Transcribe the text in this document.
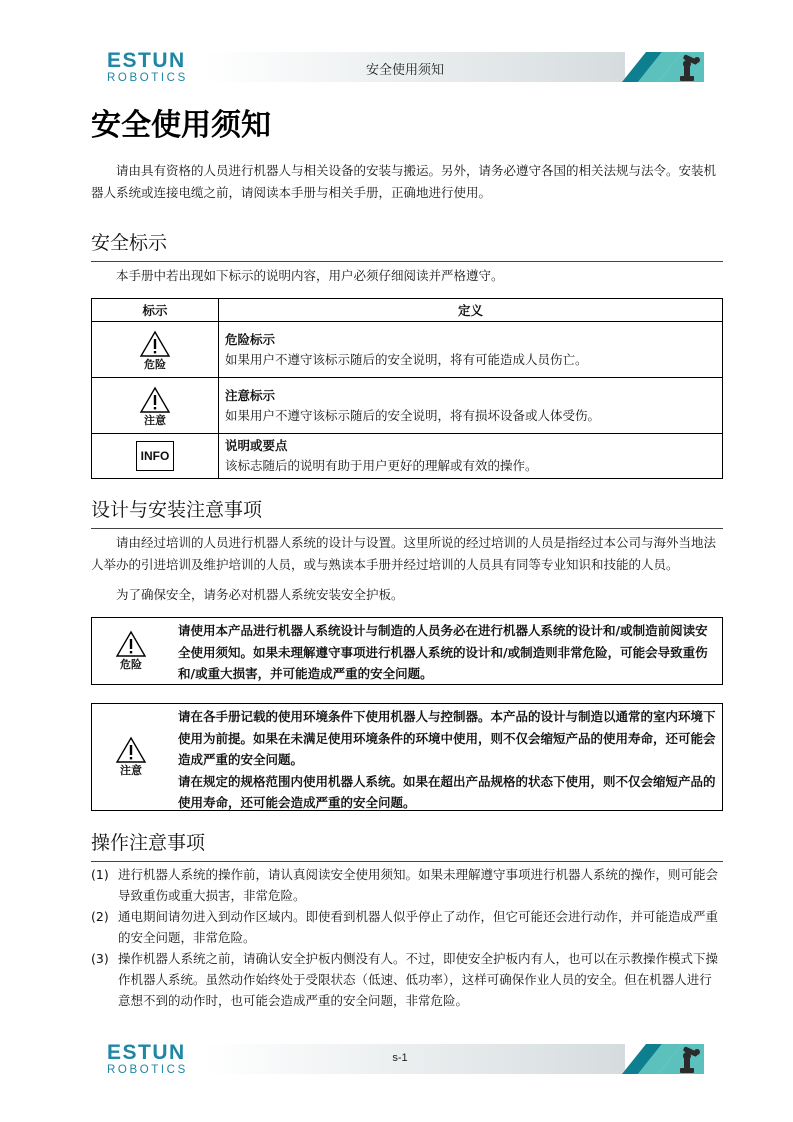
ESTUN
ROBOTICS	安全使用须知
安全使用须知

请由具有资格的人员进行机器人与相关设备的安装与搬运。另外，请务必遵守各国的相关法规与法令。安装机器人系统或连接电缆之前，请阅读本手册与相关手册，正确地进行使用。

安全标示

本手册中若出现如下标示的说明内容，用户必须仔细阅读并严格遵守。

标示	定义

危险	危险标示
如果用户不遵守该标示随后的安全说明，将有可能造成人员伤亡。

注意	注意标示
如果用户不遵守该标示随后的安全说明，将有损坏设备或人体受伤。

INFO	说明或要点
该标志随后的说明有助于用户更好的理解或有效的操作。
设计与安装注意事项

请由经过培训的人员进行机器人系统的设计与设置。这里所说的经过培训的人员是指经过本公司与海外当地法人举办的引进培训及维护培训的人员，或与熟读本手册并经过培训的人员具有同等专业知识和技能的人员。

为了确保安全，请务必对机器人系统安装安全护板。

危险
请使用本产品进行机器人系统设计与制造的人员务必在进行机器人系统的设计和/或制造前阅读安全使用须知。如果未理解遵守事项进行机器人系统的设计和/或制造则非常危险，可能会导致重伤和/或重大损害，并可能造成严重的安全问题。
注意
请在各手册记载的使用环境条件下使用机器人与控制器。本产品的设计与制造以通常的室内环境下使用为前提。如果在未满足使用环境条件的环境中使用，则不仅会缩短产品的使用寿命，还可能会造成严重的安全问题。
请在规定的规格范围内使用机器人系统。如果在超出产品规格的状态下使用，则不仅会缩短产品的使用寿命，还可能会造成严重的安全问题。
操作注意事项
(1) 进行机器人系统的操作前，请认真阅读安全使用须知。如果未理解遵守事项进行机器人系统的操作，则可能会导致重伤或重大损害，非常危险。
(2) 通电期间请勿进入到动作区域内。即使看到机器人似乎停止了动作，但它可能还会进行动作，并可能造成严重的安全问题，非常危险。
(3) 操作机器人系统之前，请确认安全护板内侧没有人。不过，即使安全护板内有人，也可以在示教操作模式下操作机器人系统。虽然动作始终处于受限状态（低速、低功率），这样可确保作业人员的安全。但在机器人进行意想不到的动作时，也可能会造成严重的安全问题，非常危险。
ESTUN
ROBOTICS
s-1
